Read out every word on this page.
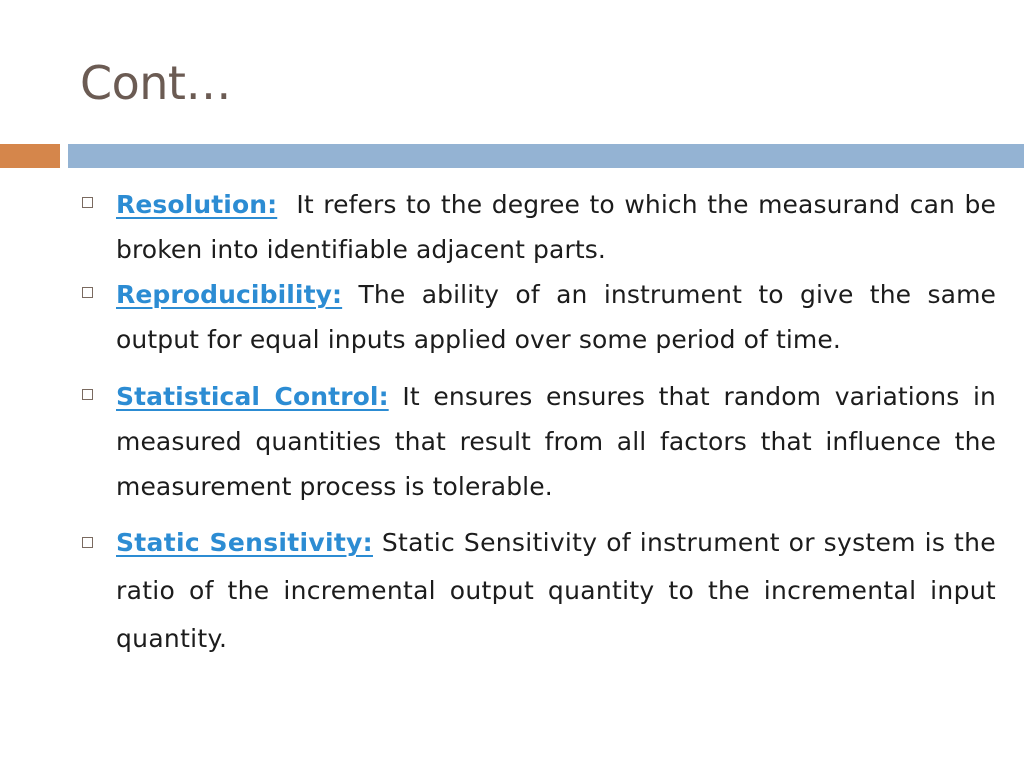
Cont…
Resolution: It refers to the degree to which the measurand can be broken into identifiable adjacent parts.
Reproducibility: The ability of an instrument to give the same output for equal inputs applied over some period of time.
Statistical Control: It ensures ensures that random variations in measured quantities that result from all factors that influence the measurement process is tolerable.
Static Sensitivity: Static Sensitivity of instrument or system is the ratio of the incremental output quantity to the incremental input quantity.
